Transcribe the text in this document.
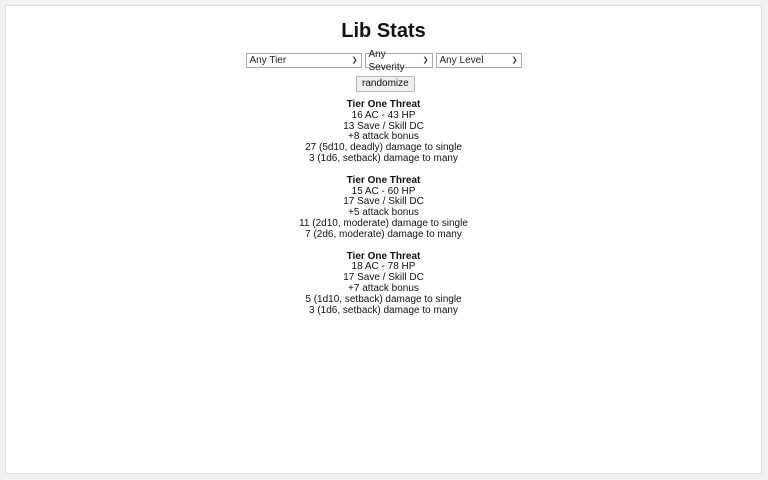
Lib Stats
Any Tier	❯
Any Severity
❯ Any Level	❯
randomize
Tier One Threat
16 AC - 43 HP
13 Save / Skill DC
+8 attack bonus
27 (5d10, deadly) damage to single
3 (1d6, setback) damage to many
Tier One Threat
15 AC - 60 HP
17 Save / Skill DC
+5 attack bonus
11 (2d10, moderate) damage to single
7 (2d6, moderate) damage to many
Tier One Threat
18 AC - 78 HP
17 Save / Skill DC
+7 attack bonus
5 (1d10, setback) damage to single
3 (1d6, setback) damage to many
